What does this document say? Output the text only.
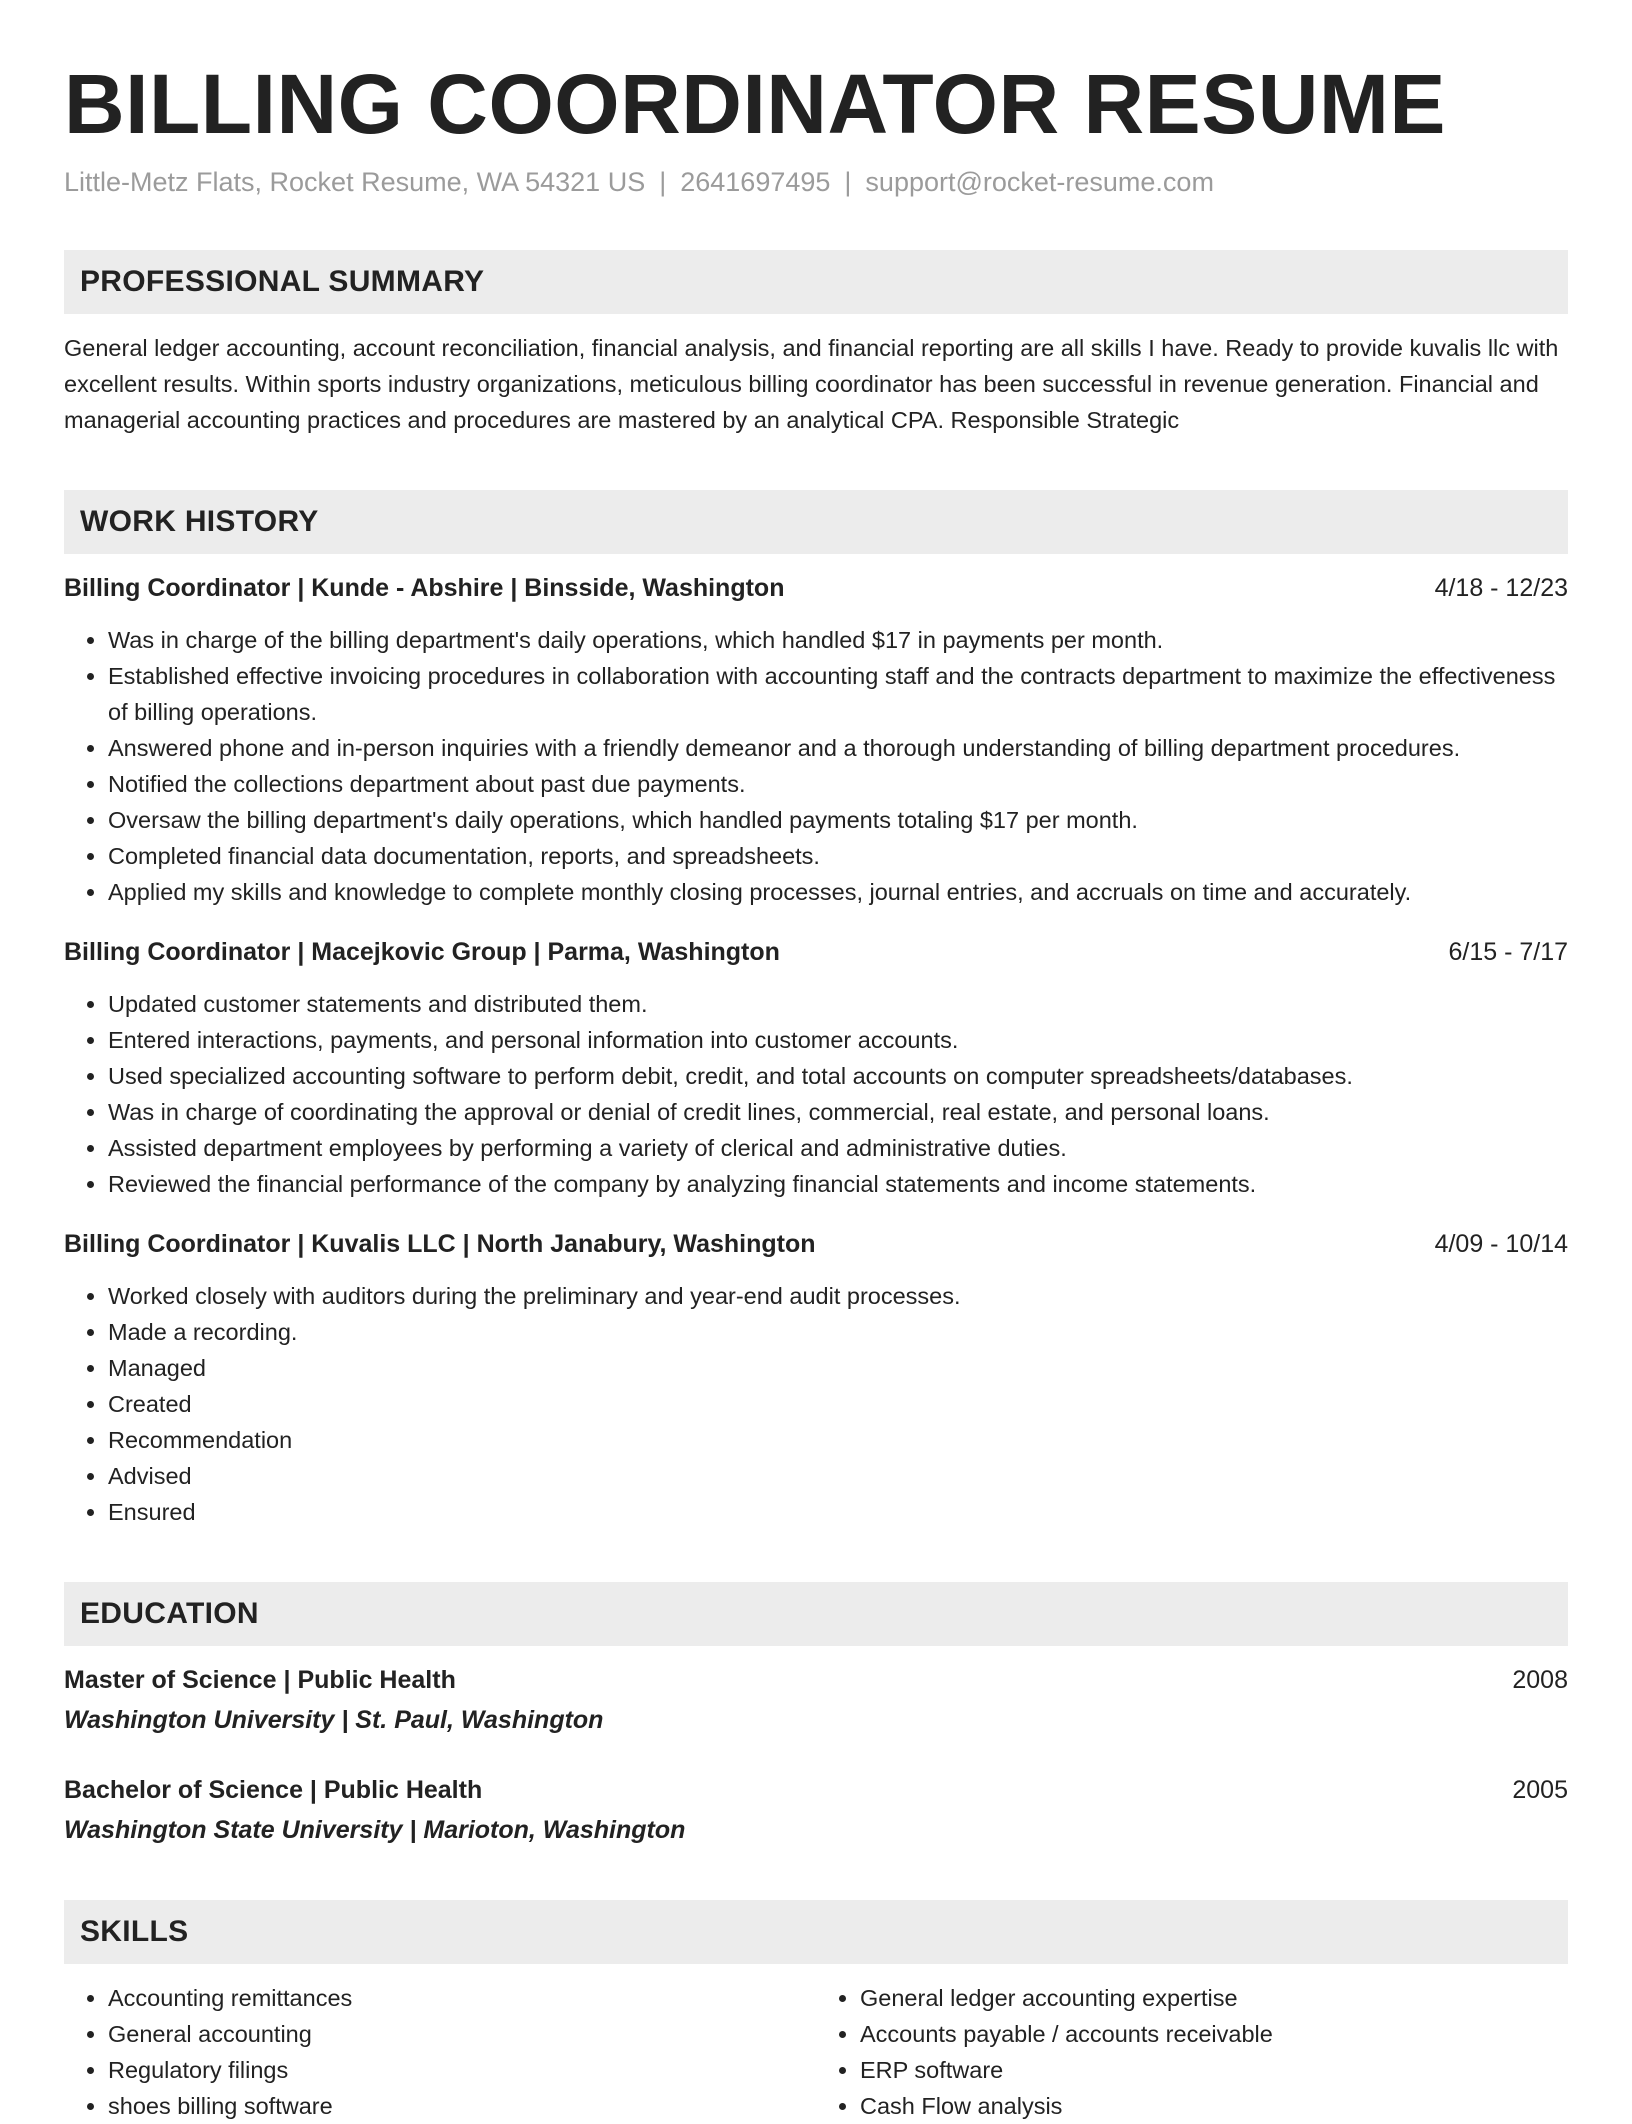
BILLING COORDINATOR RESUME
Little-Metz Flats, Rocket Resume, WA 54321 US | 2641697495 | support@rocket-resume.com
PROFESSIONAL SUMMARY

General ledger accounting, account reconciliation, financial analysis, and financial reporting are all skills I have. Ready to provide kuvalis llc with excellent results. Within sports industry organizations, meticulous billing coordinator has been successful in revenue generation. Financial and managerial accounting practices and procedures are mastered by an analytical CPA. Responsible Strategic

WORK HISTORY
Billing Coordinator | Kunde - Abshire | Binsside, Washington	4/18 - 12/23
• Was in charge of the billing department's daily operations, which handled $17 in payments per month.
• Established effective invoicing procedures in collaboration with accounting staff and the contracts department to maximize the effectiveness of billing operations.
• Answered phone and in-person inquiries with a friendly demeanor and a thorough understanding of billing department procedures.
• Notified the collections department about past due payments.
• Oversaw the billing department's daily operations, which handled payments totaling $17 per month.
• Completed financial data documentation, reports, and spreadsheets.
• Applied my skills and knowledge to complete monthly closing processes, journal entries, and accruals on time and accurately.
Billing Coordinator | Macejkovic Group | Parma, Washington	6/15 - 7/17
• Updated customer statements and distributed them.
• Entered interactions, payments, and personal information into customer accounts.
• Used specialized accounting software to perform debit, credit, and total accounts on computer spreadsheets/databases.
• Was in charge of coordinating the approval or denial of credit lines, commercial, real estate, and personal loans.
• Assisted department employees by performing a variety of clerical and administrative duties.
• Reviewed the financial performance of the company by analyzing financial statements and income statements.
Billing Coordinator | Kuvalis LLC | North Janabury, Washington	4/09 - 10/14
• Worked closely with auditors during the preliminary and year-end audit processes.
• Made a recording.
• Managed
• Created
• Recommendation
• Advised
• Ensured
EDUCATION
Master of Science | Public Health	2008
Washington University | St. Paul, Washington
Bachelor of Science | Public Health	2005
Washington State University | Marioton, Washington
SKILLS
• Accounting remittances
• General accounting
• Regulatory filings
• shoes billing software
• General ledger accounting expertise
• Accounts payable / accounts receivable
• ERP software
• Cash Flow analysis
